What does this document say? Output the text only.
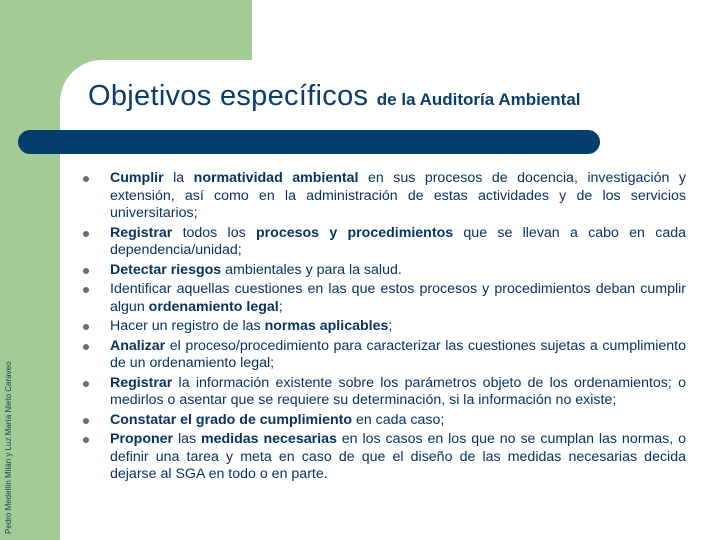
Pedro Medellín Milán y Luz María Nieto Caraveo
Objetivos específicos de la Auditoría Ambiental
Cumplir la normatividad ambiental en sus procesos de docencia, investigación y extensión, así como en la administración de estas actividades y de los servicios universitarios;
Registrar todos los procesos y procedimientos que se llevan a cabo en cada dependencia/unidad;
Detectar riesgos ambientales y para la salud.
Identificar aquellas cuestiones en las que estos procesos y procedimientos deban cumplir algun ordenamiento legal;
Hacer un registro de las normas aplicables;
Analizar el proceso/procedimiento para caracterizar las cuestiones sujetas a cumplimiento de un ordenamiento legal;
Registrar la información existente sobre los parámetros objeto de los ordenamientos; o medirlos o asentar que se requiere su determinación, si la información no existe;
Constatar el grado de cumplimiento en cada caso;
Proponer las medidas necesarias en los casos en los que no se cumplan las normas, o definir una tarea y meta en caso de que el diseño de las medidas necesarias decida dejarse al SGA en todo o en parte.
